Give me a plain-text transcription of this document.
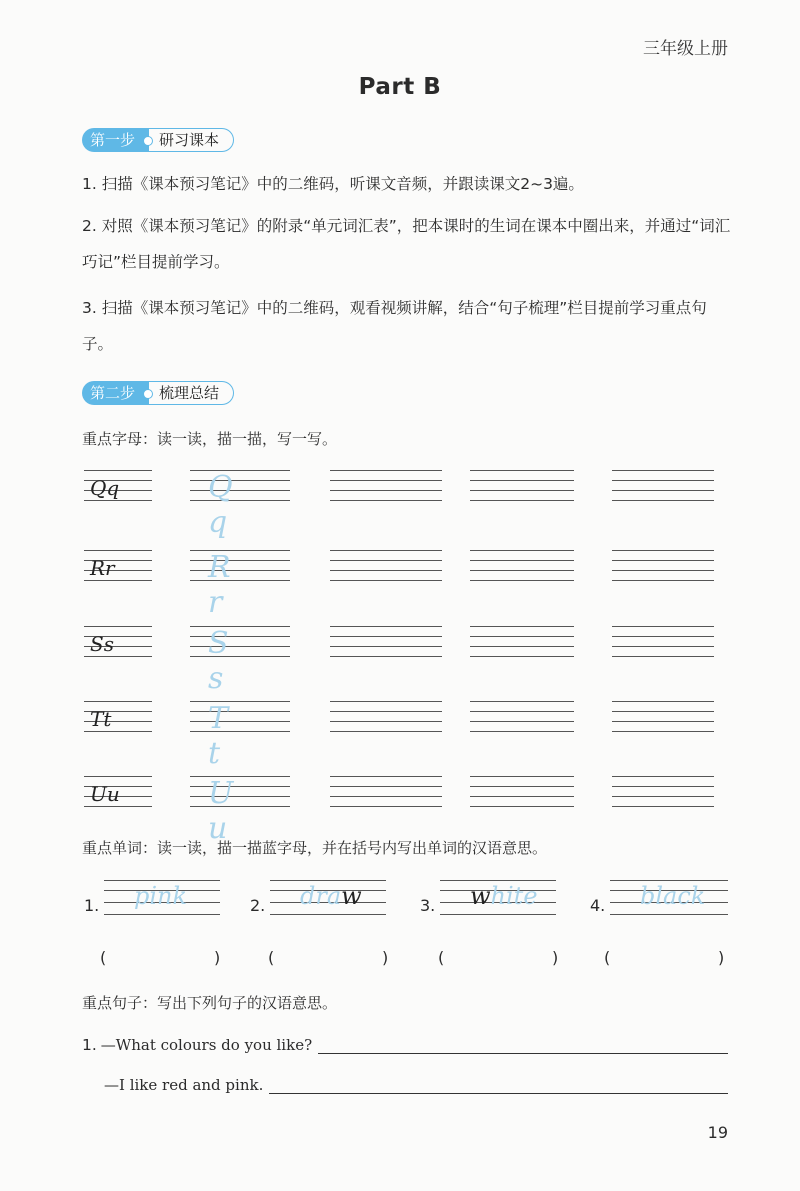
三年级上册
Part B
第一步	研习课本
1. 扫描《课本预习笔记》中的二维码，听课文音频，并跟读课文2~3遍。
2. 对照《课本预习笔记》的附录“单元词汇表”，把本课时的生词在课本中圈出来，并通过“词汇巧记”栏目提前学习。
3. 扫描《课本预习笔记》中的二维码，观看视频讲解，结合“句子梳理”栏目提前学习重点句子。
第二步	梳理总结
重点字母：读一读，描一描，写一写。
Qq	Q q
Rr	R r
Ss	S s
Tt	T t
Uu	U u
重点单词：读一读，描一描蓝字母，并在括号内写出单词的汉语意思。
1. pink	2. draw	3. white	4. black
(	)	(	)	(	)	(	)
重点句子：写出下列句子的汉语意思。
1. —What colours do you like?
—I like red and pink.
19
